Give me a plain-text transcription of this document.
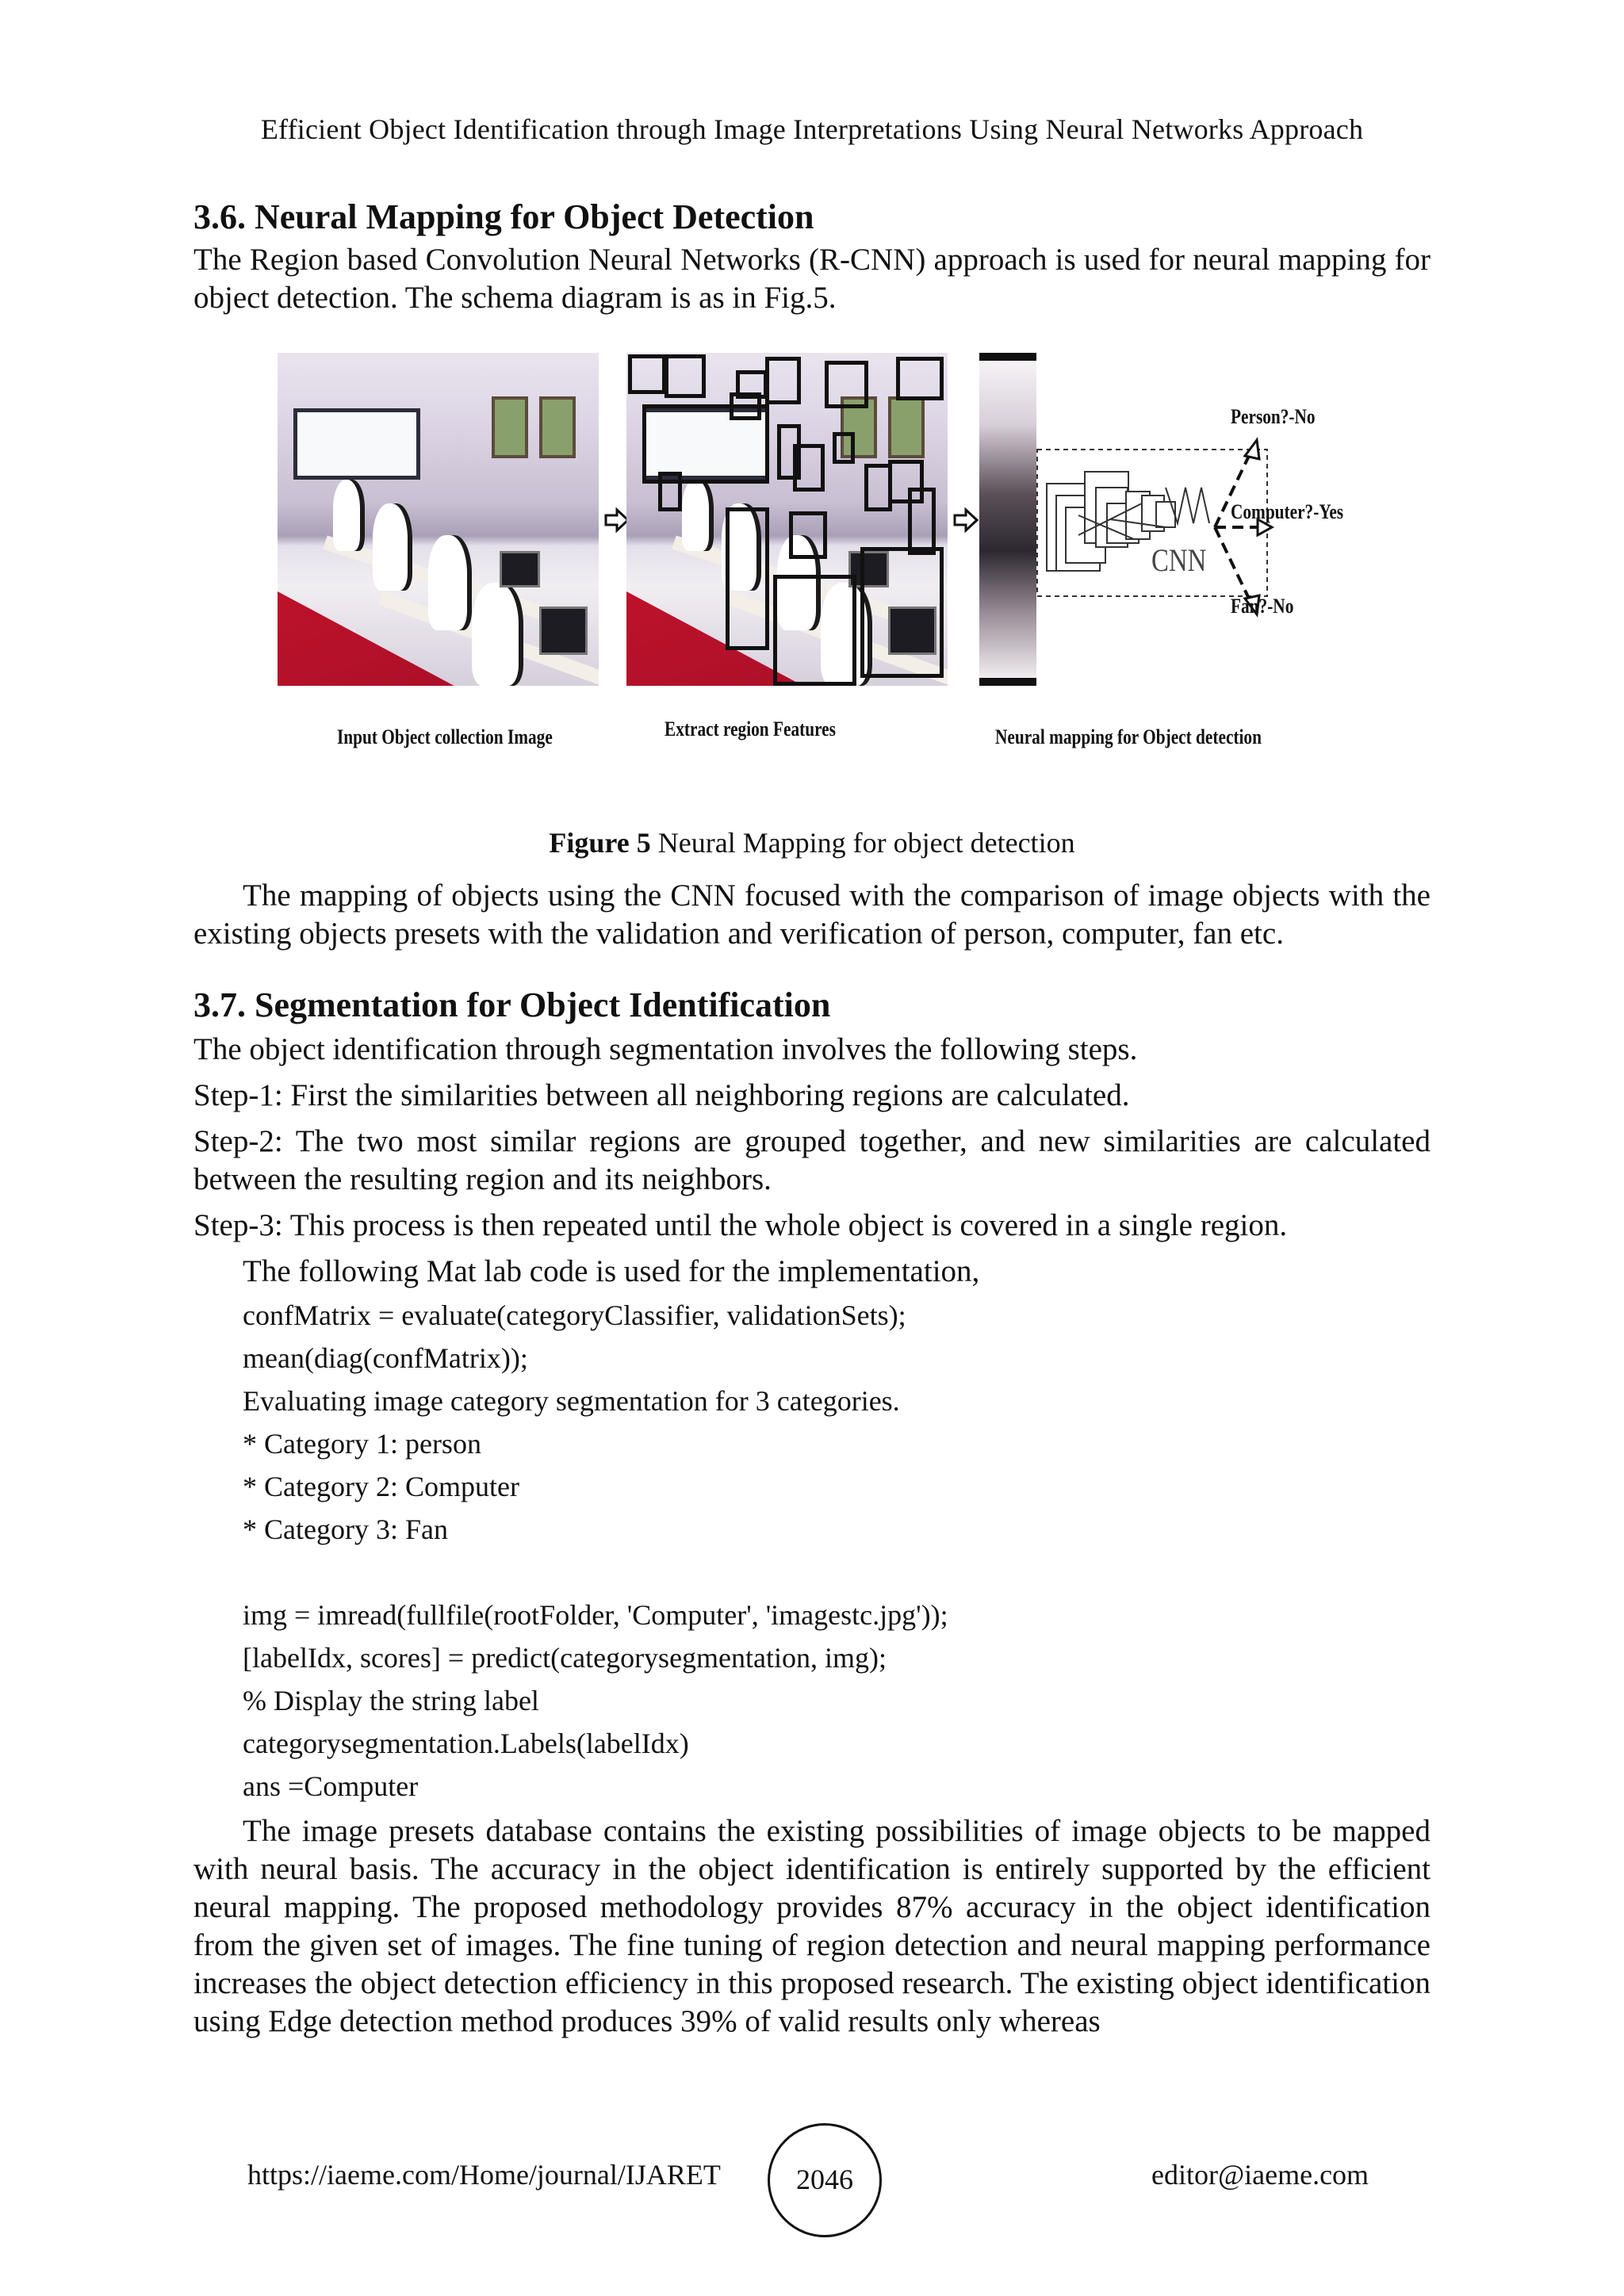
Efficient Object Identification through Image Interpretations Using Neural Networks Approach
3.6. Neural Mapping for Object Detection

The Region based Convolution Neural Networks (R-CNN) approach is used for neural mapping for object detection. The schema diagram is as in Fig.5.

CNN
Person?-No
Computer?-Yes
Fan?-No
Input Object collection Image	Extract region Features	Neural mapping for Object detection
Figure 5 Neural Mapping for object detection

The mapping of objects using the CNN focused with the comparison of image objects with the existing objects presets with the validation and verification of person, computer, fan etc.

3.7. Segmentation for Object Identification

The object identification through segmentation involves the following steps.

Step-1: First the similarities between all neighboring regions are calculated.

Step-2: The two most similar regions are grouped together, and new similarities are calculated between the resulting region and its neighbors.

Step-3: This process is then repeated until the whole object is covered in a single region.

The following Mat lab code is used for the implementation,

confMatrix = evaluate(categoryClassifier, validationSets);
mean(diag(confMatrix));
Evaluating image category segmentation for 3 categories.
* Category 1: person
* Category 2: Computer
* Category 3: Fan
img = imread(fullfile(rootFolder, 'Computer', 'imagestc.jpg'));
[labelIdx, scores] = predict(categorysegmentation, img);
% Display the string label
categorysegmentation.Labels(labelIdx)
ans =Computer

The image presets database contains the existing possibilities of image objects to be mapped with neural basis. The accuracy in the object identification is entirely supported by the efficient neural mapping. The proposed methodology provides 87% accuracy in the object identification from the given set of images. The fine tuning of region detection and neural mapping performance increases the object detection efficiency in this proposed research. The existing object identification using Edge detection method produces 39% of valid results only whereas

https://iaeme.com/Home/journal/IJARET	2046	editor@iaeme.com
